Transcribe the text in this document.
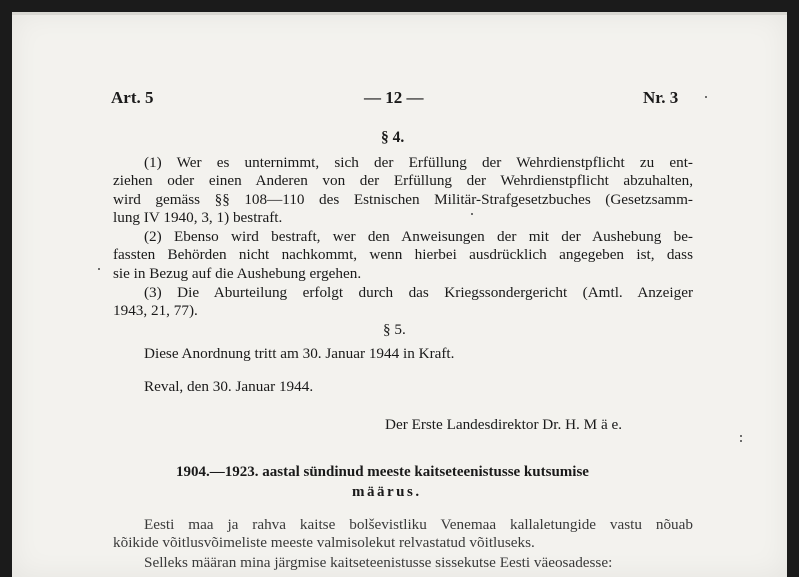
Art. 5	— 12 —	Nr. 3
§ 4.
(1) Wer es unternimmt, sich der Erfüllung der Wehrdienstpflicht zu ent-
ziehen oder einen Anderen von der Erfüllung der Wehrdienstpflicht abzuhalten,
wird gemäss §§ 108—110 des Estnischen Militär-Strafgesetzbuches (Gesetzsamm-
lung IV 1940, 3, 1) bestraft.
(2) Ebenso wird bestraft, wer den Anweisungen der mit der Aushebung be-
fassten Behörden nicht nachkommt, wenn hierbei ausdrücklich angegeben ist, dass
sie in Bezug auf die Aushebung ergehen.
(3) Die Aburteilung erfolgt durch das Kriegssondergericht (Amtl. Anzeiger
1943, 21, 77).
§ 5.
Diese Anordnung tritt am 30. Januar 1944 in Kraft.
Reval, den 30. Januar 1944.
Der Erste Landesdirektor Dr. H. M ä e.
1904.—1923. aastal sündinud meeste kaitseteenistusse kutsumise
määrus.
Eesti maa ja rahva kaitse bolševistliku Venemaa kallaletungide vastu nõuab
kõikide võitlusvõimeliste meeste valmisolekut relvastatud võitluseks.
Selleks määran mina järgmise kaitseteenistusse sissekutse Eesti väeosadesse:
